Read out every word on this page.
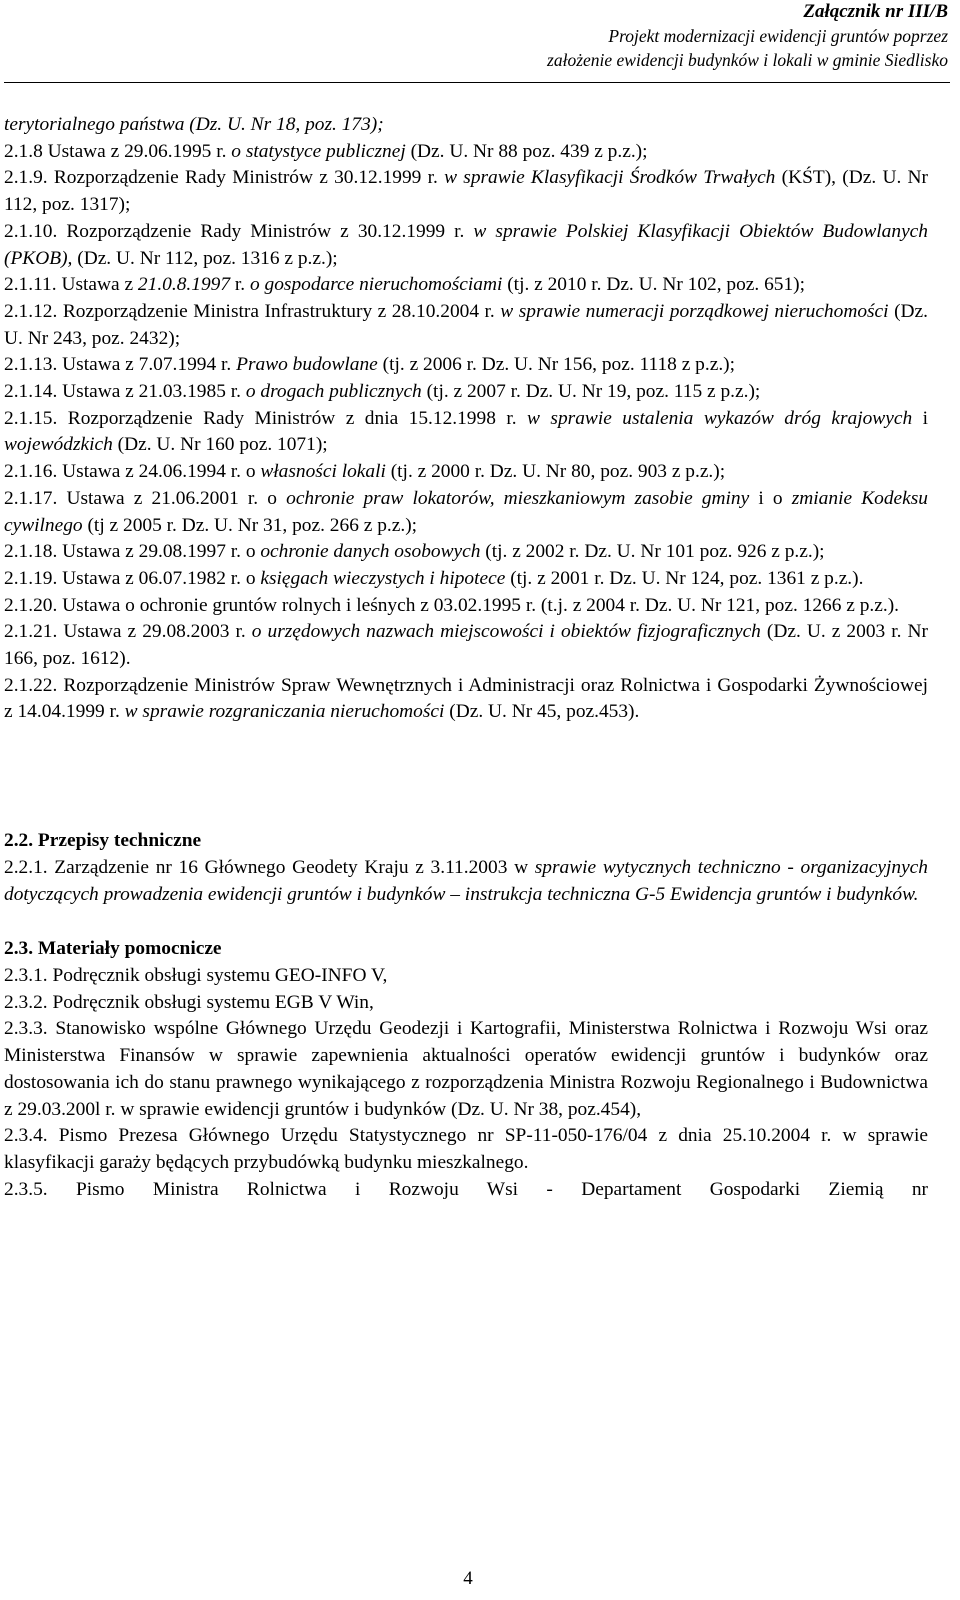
Załącznik nr III/B
Projekt modernizacji ewidencji gruntów poprzez
założenie ewidencji budynków i lokali w gminie Siedlisko

terytorialnego państwa (Dz. U. Nr 18, poz. 173);

2.1.8 Ustawa z 29.06.1995 r. o statystyce publicznej (Dz. U. Nr 88 poz. 439 z p.z.);

2.1.9. Rozporządzenie Rady Ministrów z 30.12.1999 r. w sprawie Klasyfikacji Środków Trwałych (KŚT), (Dz. U. Nr 112, poz. 1317);

2.1.10. Rozporządzenie Rady Ministrów z 30.12.1999 r. w sprawie Polskiej Klasyfikacji Obiektów Budowlanych (PKOB), (Dz. U. Nr 112, poz. 1316 z p.z.);

2.1.11. Ustawa z 21.0.8.1997 r. o gospodarce nieruchomościami (tj. z 2010 r. Dz. U. Nr 102, poz. 651);

2.1.12. Rozporządzenie Ministra Infrastruktury z 28.10.2004 r. w sprawie numeracji porządkowej nieruchomości (Dz. U. Nr 243, poz. 2432);

2.1.13. Ustawa z 7.07.1994 r. Prawo budowlane (tj. z 2006 r. Dz. U. Nr 156, poz. 1118 z p.z.);

2.1.14. Ustawa z 21.03.1985 r. o drogach publicznych (tj. z 2007 r. Dz. U. Nr 19, poz. 115 z p.z.);

2.1.15. Rozporządzenie Rady Ministrów z dnia 15.12.1998 r. w sprawie ustalenia wykazów dróg krajowych i wojewódzkich (Dz. U. Nr 160 poz. 1071);

2.1.16. Ustawa z 24.06.1994 r. o własności lokali (tj. z 2000 r. Dz. U. Nr 80, poz. 903 z p.z.);

2.1.17. Ustawa z 21.06.2001 r. o ochronie praw lokatorów, mieszkaniowym zasobie gminy i o zmianie Kodeksu cywilnego (tj z 2005 r. Dz. U. Nr 31, poz. 266 z p.z.);

2.1.18. Ustawa z 29.08.1997 r. o ochronie danych osobowych (tj. z 2002 r. Dz. U. Nr 101 poz. 926 z p.z.);

2.1.19. Ustawa z 06.07.1982 r. o księgach wieczystych i hipotece (tj. z 2001 r. Dz. U. Nr 124, poz. 1361 z p.z.).

2.1.20. Ustawa o ochronie gruntów rolnych i leśnych z 03.02.1995 r. (t.j. z 2004 r. Dz. U. Nr 121, poz. 1266 z p.z.).

2.1.21. Ustawa z 29.08.2003 r. o urzędowych nazwach miejscowości i obiektów fizjograficznych (Dz. U. z 2003 r. Nr 166, poz. 1612).

2.1.22. Rozporządzenie Ministrów Spraw Wewnętrznych i Administracji oraz Rolnictwa i Gospodarki Żywnościowej z 14.04.1999 r. w sprawie rozgraniczania nieruchomości (Dz. U. Nr 45, poz.453).

2.2. Przepisy techniczne

2.2.1. Zarządzenie nr 16 Głównego Geodety Kraju z 3.11.2003 w sprawie wytycznych techniczno - organizacyjnych dotyczących prowadzenia ewidencji gruntów i budynków – instrukcja techniczna G-5 Ewidencja gruntów i budynków.

2.3. Materiały pomocnicze

2.3.1. Podręcznik obsługi systemu GEO-INFO V,

2.3.2. Podręcznik obsługi systemu EGB V Win,

2.3.3. Stanowisko wspólne Głównego Urzędu Geodezji i Kartografii, Ministerstwa Rolnictwa i Rozwoju Wsi oraz Ministerstwa Finansów w sprawie zapewnienia aktualności operatów ewidencji gruntów i budynków oraz dostosowania ich do stanu prawnego wynikającego z rozporządzenia Ministra Rozwoju Regionalnego i Budownictwa z 29.03.200l r. w sprawie ewidencji gruntów i budynków (Dz. U. Nr 38, poz.454),

2.3.4. Pismo Prezesa Głównego Urzędu Statystycznego nr SP-11-050-176/04 z dnia 25.10.2004 r. w sprawie klasyfikacji garaży będących przybudówką budynku mieszkalnego.

2.3.5. Pismo Ministra Rolnictwa i Rozwoju Wsi - Departament Gospodarki Ziemią nr

4
